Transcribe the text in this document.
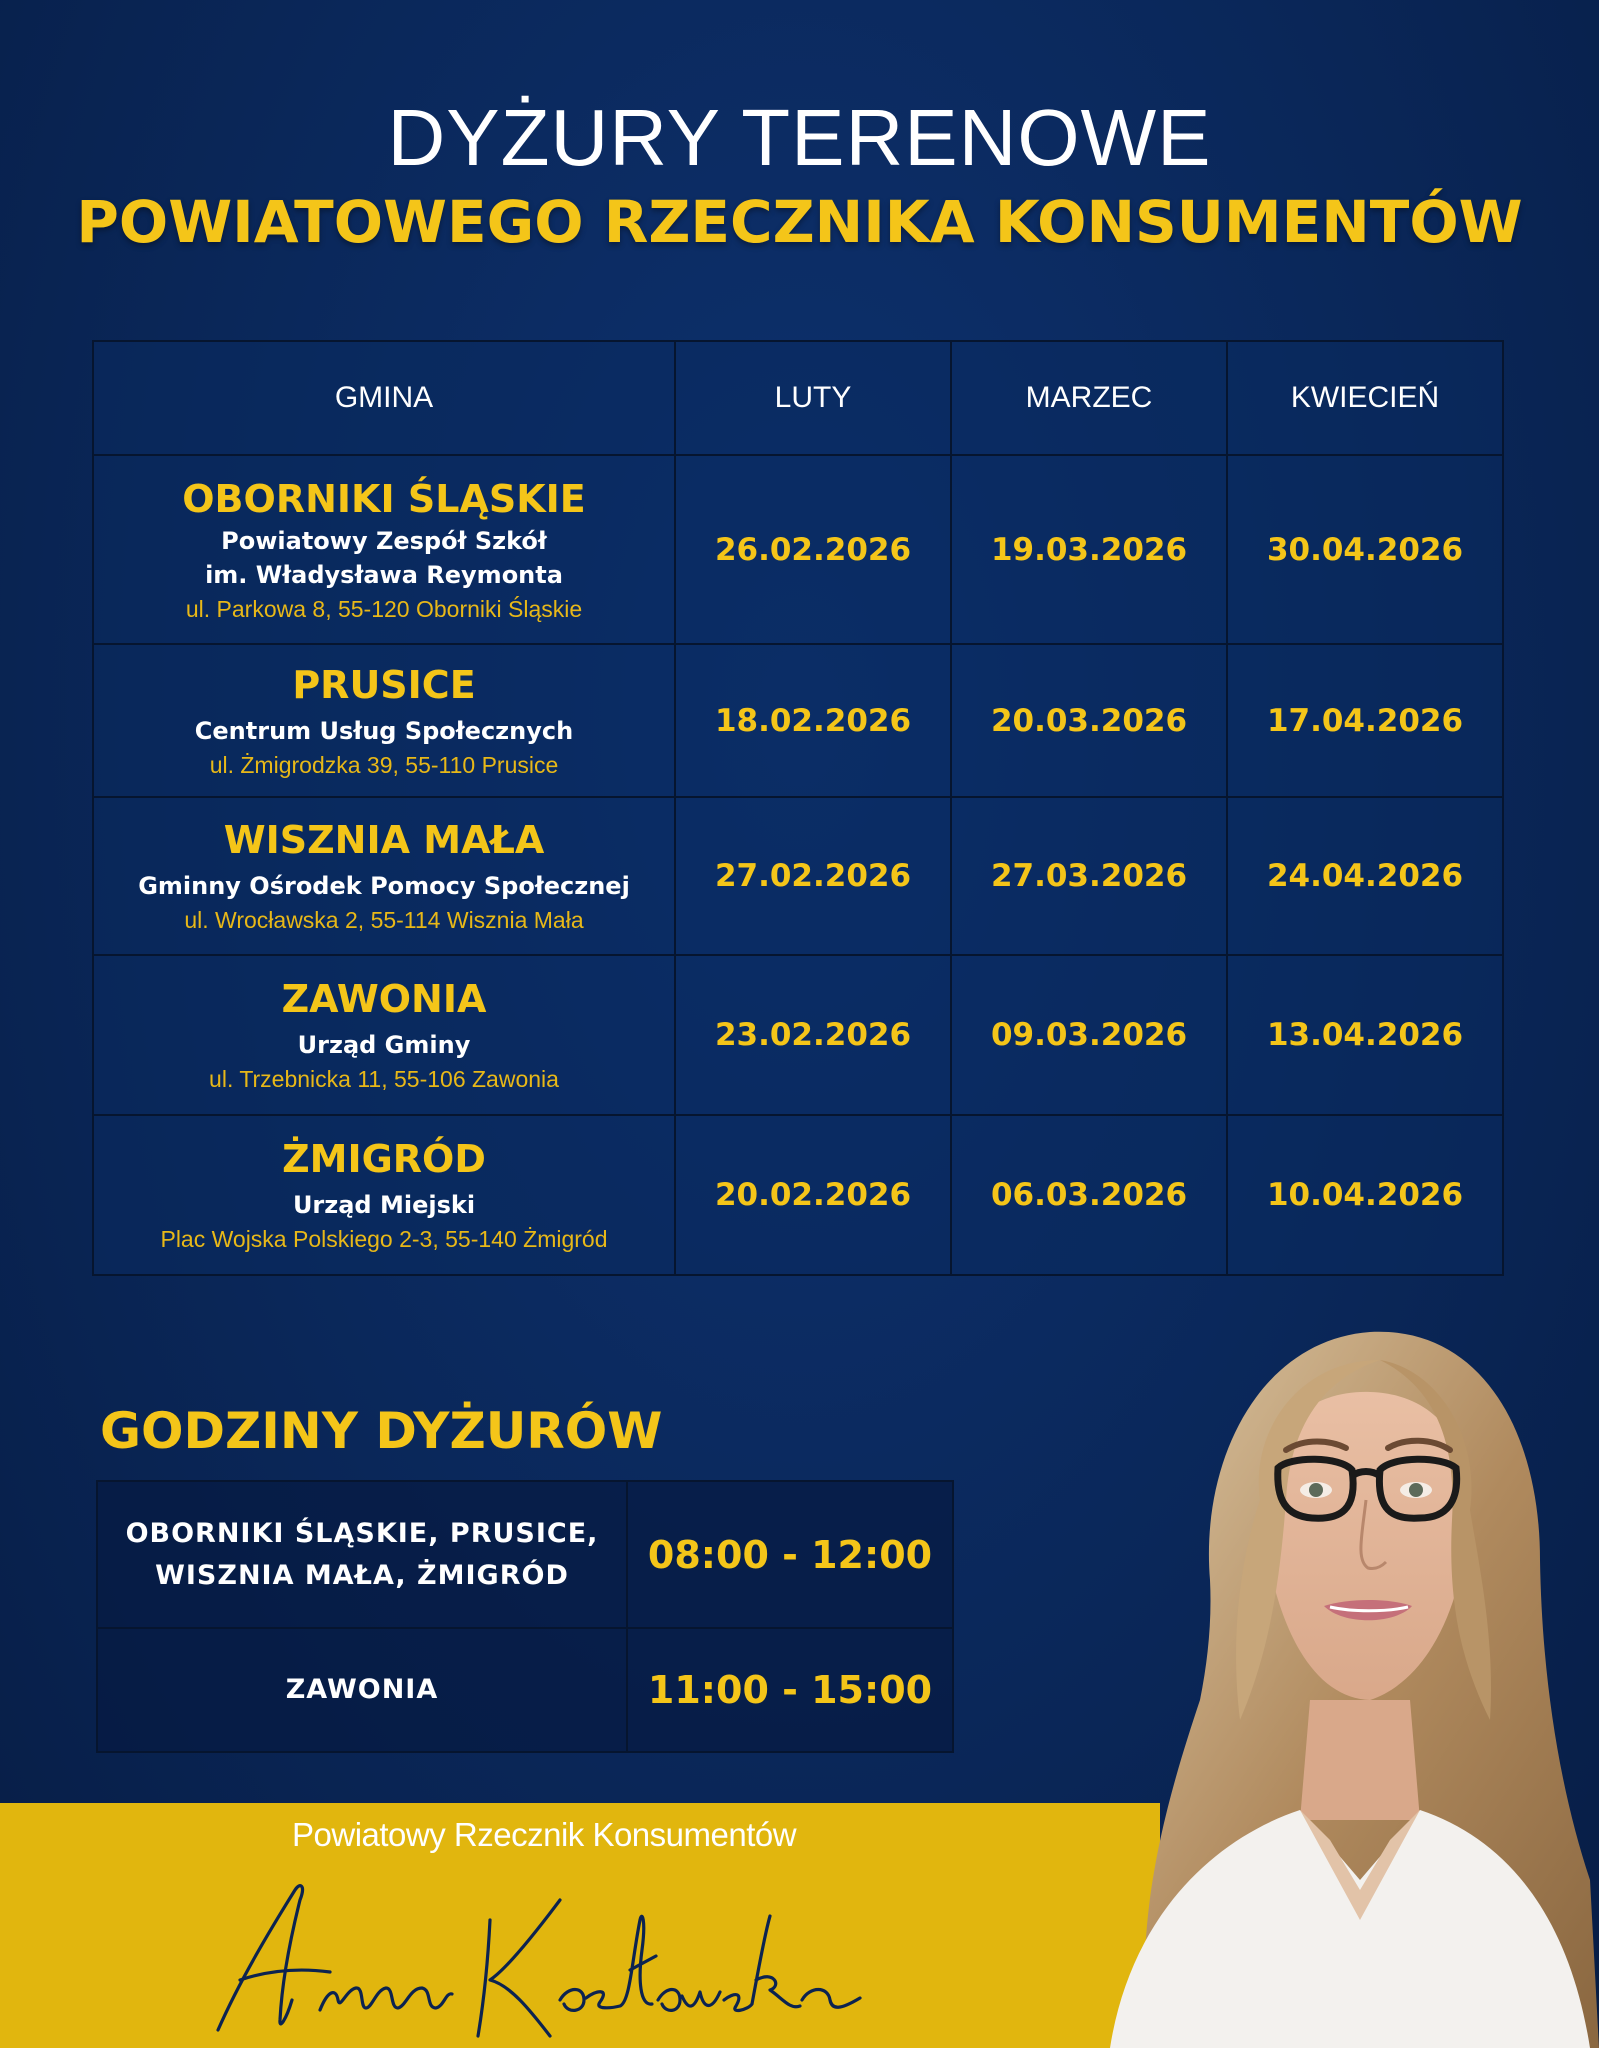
DYŻURY TERENOWE
POWIATOWEGO RZECZNIKA KONSUMENTÓW
GMINA	LUTY	MARZEC	KWIECIEŃ

OBORNIKI ŚLĄSKIE
Powiatowy Zespół Szkół
im. Władysława Reymonta
ul. Parkowa 8, 55-120 Oborniki Śląskie	26.02.2026	19.03.2026	30.04.2026

PRUSICE
Centrum Usług Społecznych
ul. Żmigrodzka 39, 55-110 Prusice	18.02.2026	20.03.2026	17.04.2026

WISZNIA MAŁA
Gminny Ośrodek Pomocy Społecznej
ul. Wrocławska 2, 55-114 Wisznia Mała	27.02.2026	27.03.2026	24.04.2026

ZAWONIA
Urząd Gminy
ul. Trzebnicka 11, 55-106 Zawonia	23.02.2026	09.03.2026	13.04.2026

ŻMIGRÓD
Urząd Miejski
Plac Wojska Polskiego 2-3, 55-140 Żmigród	20.02.2026	06.03.2026	10.04.2026
GODZINY DYŻURÓW
OBORNIKI ŚLĄSKIE, PRUSICE,
WISZNIA MAŁA, ŻMIGRÓD	08:00 - 12:00

ZAWONIA	11:00 - 15:00
Powiatowy Rzecznik Konsumentów
